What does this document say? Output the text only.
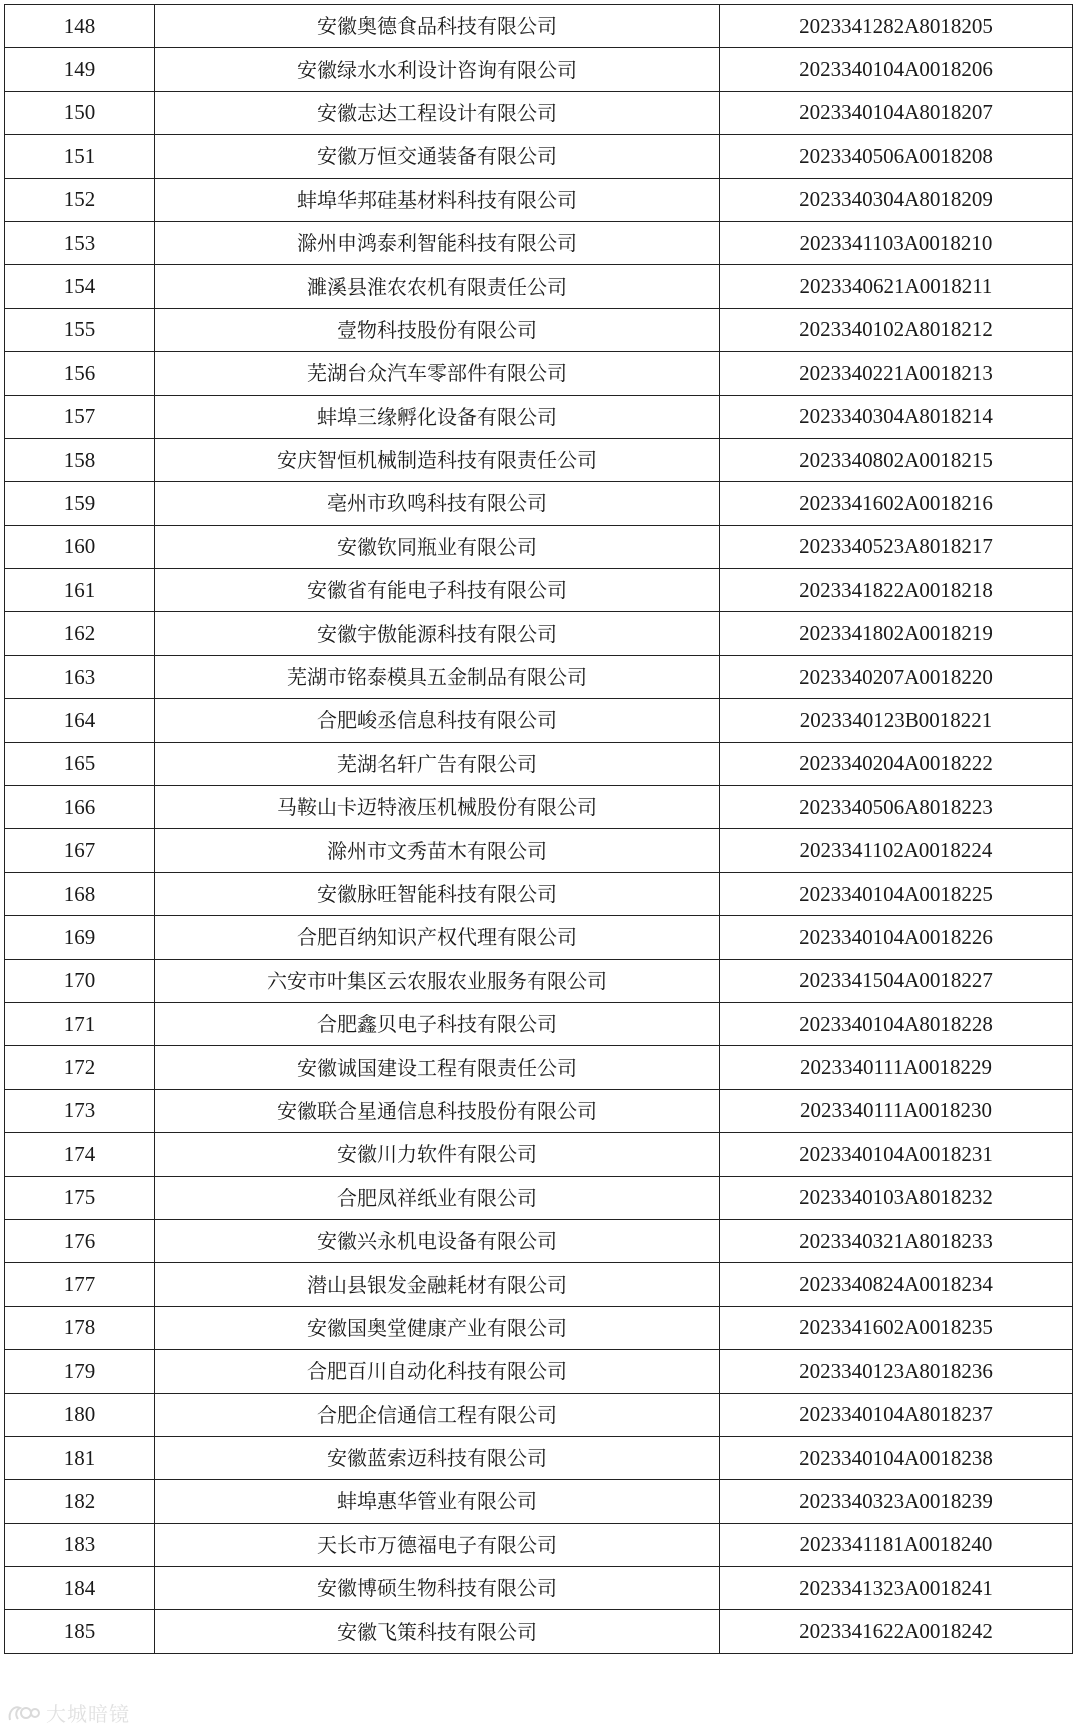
148	安徽奥德食品科技有限公司	2023341282A8018205
149	安徽绿水水利设计咨询有限公司	2023340104A0018206
150	安徽志达工程设计有限公司	2023340104A8018207
151	安徽万恒交通装备有限公司	2023340506A0018208
152	蚌埠华邦硅基材料科技有限公司	2023340304A8018209
153	滁州申鸿泰利智能科技有限公司	2023341103A0018210
154	濉溪县淮农农机有限责任公司	2023340621A0018211
155	壹物科技股份有限公司	2023340102A8018212
156	芜湖台众汽车零部件有限公司	2023340221A0018213
157	蚌埠三缘孵化设备有限公司	2023340304A8018214
158	安庆智恒机械制造科技有限责任公司	2023340802A0018215
159	亳州市玖鸣科技有限公司	2023341602A0018216
160	安徽钦同瓶业有限公司	2023340523A8018217
161	安徽省有能电子科技有限公司	2023341822A0018218
162	安徽宇傲能源科技有限公司	2023341802A0018219
163	芜湖市铭泰模具五金制品有限公司	2023340207A0018220
164	合肥峻丞信息科技有限公司	2023340123B0018221
165	芜湖名轩广告有限公司	2023340204A0018222
166	马鞍山卡迈特液压机械股份有限公司	2023340506A8018223
167	滁州市文秀苗木有限公司	2023341102A0018224
168	安徽脉旺智能科技有限公司	2023340104A0018225
169	合肥百纳知识产权代理有限公司	2023340104A0018226
170	六安市叶集区云农服农业服务有限公司	2023341504A0018227
171	合肥鑫贝电子科技有限公司	2023340104A8018228
172	安徽诚国建设工程有限责任公司	2023340111A0018229
173	安徽联合星通信息科技股份有限公司	2023340111A0018230
174	安徽川力软件有限公司	2023340104A0018231
175	合肥凤祥纸业有限公司	2023340103A8018232
176	安徽兴永机电设备有限公司	2023340321A8018233
177	潜山县银发金融耗材有限公司	2023340824A0018234
178	安徽国奥堂健康产业有限公司	2023341602A0018235
179	合肥百川自动化科技有限公司	2023340123A8018236
180	合肥企信通信工程有限公司	2023340104A8018237
181	安徽蓝索迈科技有限公司	2023340104A0018238
182	蚌埠惠华管业有限公司	2023340323A0018239
183	天长市万德福电子有限公司	2023341181A0018240
184	安徽博硕生物科技有限公司	2023341323A0018241
185	安徽飞策科技有限公司	2023341622A0018242
大城暗镜
